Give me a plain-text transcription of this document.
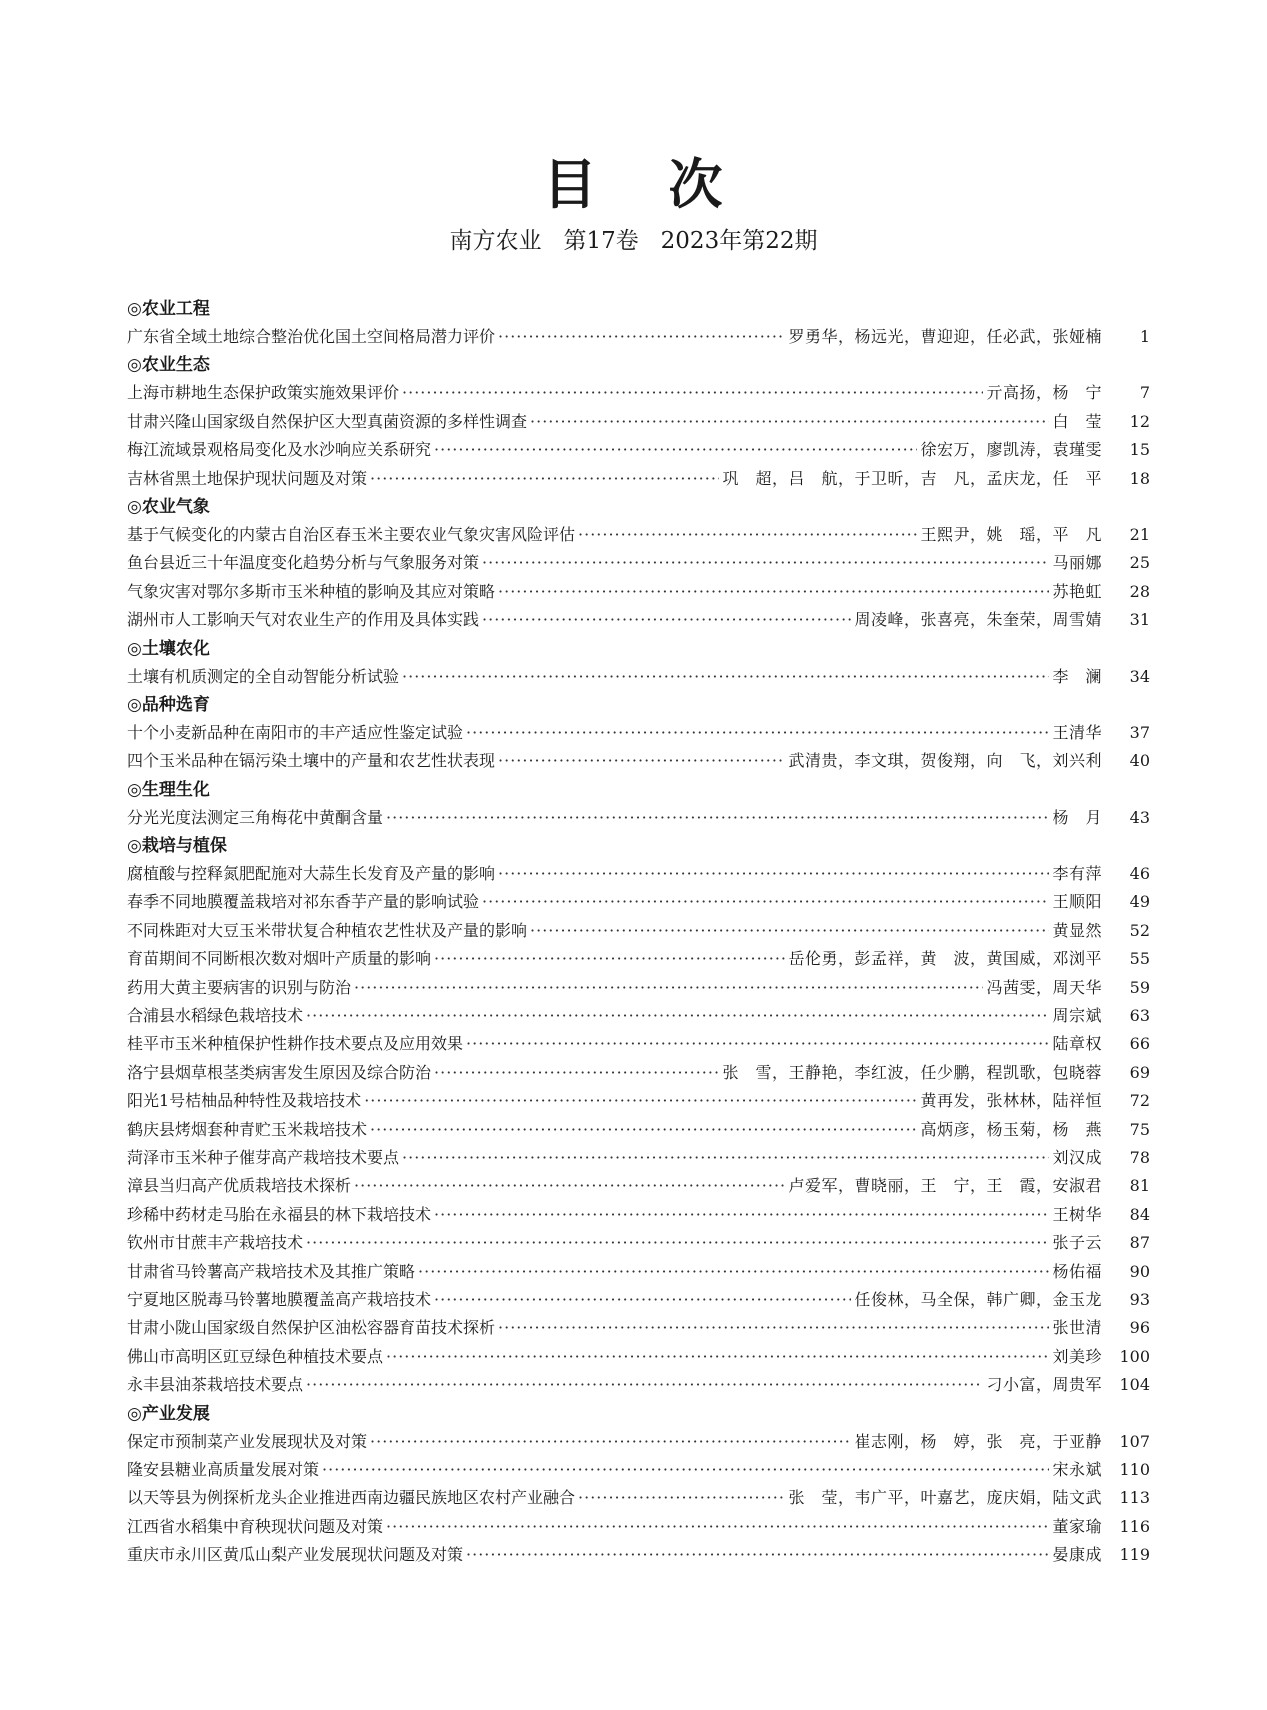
目 次
南方农业   第17卷   2023年第22期
◎农业工程
广东省全域土地综合整治优化国土空间格局潜力评价 ·····	罗勇华，杨远光，曹迎迎，任必武，张娅楠	1
◎农业生态
上海市耕地生态保护政策实施效果评价 ·····	亓高扬，杨　宁	7
甘肃兴隆山国家级自然保护区大型真菌资源的多样性调查 ·····	白　莹	12
梅江流域景观格局变化及水沙响应关系研究 ·····	徐宏万，廖凯涛，袁瑾雯	15
吉林省黑土地保护现状问题及对策 ·····	巩　超，吕　航，于卫昕，吉　凡，孟庆龙，任　平	18
◎农业气象
基于气候变化的内蒙古自治区春玉米主要农业气象灾害风险评估 ·····	王熙尹，姚　瑶，平　凡	21
鱼台县近三十年温度变化趋势分析与气象服务对策 ·····	马丽娜	25
气象灾害对鄂尔多斯市玉米种植的影响及其应对策略 ·····	苏艳虹	28
湖州市人工影响天气对农业生产的作用及具体实践 ·····	周凌峰，张喜亮，朱奎荣，周雪婧	31
◎土壤农化
土壤有机质测定的全自动智能分析试验 ·····	李　澜	34
◎品种选育
十个小麦新品种在南阳市的丰产适应性鉴定试验 ·····	王清华	37
四个玉米品种在镉污染土壤中的产量和农艺性状表现 ·····	武清贵，李文琪，贺俊翔，向　飞，刘兴利	40
◎生理生化
分光光度法测定三角梅花中黄酮含量 ·····	杨　月	43
◎栽培与植保
腐植酸与控释氮肥配施对大蒜生长发育及产量的影响 ·····	李有萍	46
春季不同地膜覆盖栽培对祁东香芋产量的影响试验 ·····	王顺阳	49
不同株距对大豆玉米带状复合种植农艺性状及产量的影响 ·····	黄显然	52
育苗期间不同断根次数对烟叶产质量的影响 ·····	岳伦勇，彭孟祥，黄　波，黄国威，邓浏平	55
药用大黄主要病害的识别与防治 ·····	冯茜雯，周天华	59
合浦县水稻绿色栽培技术 ·····	周宗斌	63
桂平市玉米种植保护性耕作技术要点及应用效果 ·····	陆章权	66
洛宁县烟草根茎类病害发生原因及综合防治 ·····	张　雪，王静艳，李红波，任少鹏，程凯歌，包晓蓉	69
阳光1号桔柚品种特性及栽培技术 ·····	黄再发，张林林，陆祥恒	72
鹤庆县烤烟套种青贮玉米栽培技术 ·····	高炳彦，杨玉菊，杨　燕	75
菏泽市玉米种子催芽高产栽培技术要点 ·····	刘汉成	78
漳县当归高产优质栽培技术探析 ·····	卢爱军，曹晓丽，王　宁，王　霞，安淑君	81
珍稀中药材走马胎在永福县的林下栽培技术 ·····	王树华	84
钦州市甘蔗丰产栽培技术 ·····	张子云	87
甘肃省马铃薯高产栽培技术及其推广策略 ·····	杨佑福	90
宁夏地区脱毒马铃薯地膜覆盖高产栽培技术 ·····	任俊林，马全保，韩广卿，金玉龙	93
甘肃小陇山国家级自然保护区油松容器育苗技术探析 ·····	张世清	96
佛山市高明区豇豆绿色种植技术要点 ·····	刘美珍	100
永丰县油茶栽培技术要点 ·····	刁小富，周贵军	104
◎产业发展
保定市预制菜产业发展现状及对策 ·····	崔志刚，杨　婷，张　亮，于亚静	107
隆安县糖业高质量发展对策 ·····	宋永斌	110
以天等县为例探析龙头企业推进西南边疆民族地区农村产业融合 ·····	张　莹，韦广平，叶嘉艺，庞庆娟，陆文武	113
江西省水稻集中育秧现状问题及对策 ·····	董家瑜	116
重庆市永川区黄瓜山梨产业发展现状问题及对策 ·····	晏康成	119
